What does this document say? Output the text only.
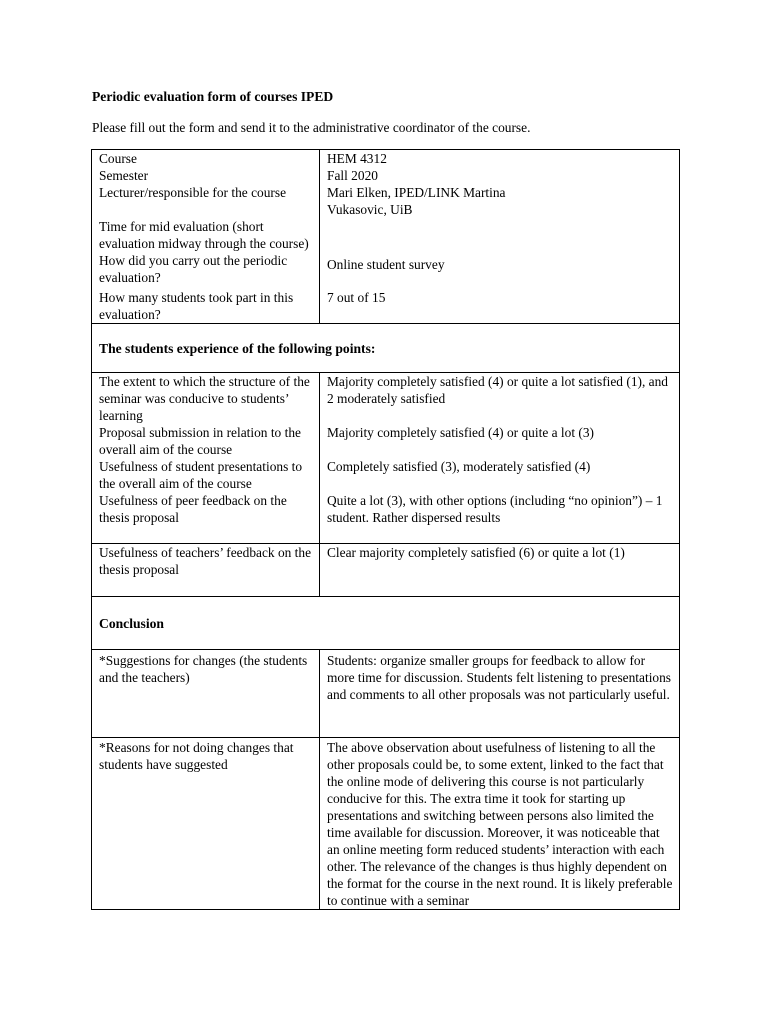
Periodic evaluation form of courses IPED

Please fill out the form and send it to the administrative coordinator of the course.

Course	HEM 4312
Semester	Fall 2020
Lecturer/responsible for the course	Mari Elken, IPED/LINK Martina Vukasovic, UiB
Time for mid evaluation (short evaluation midway through the course)	
How did you carry out the periodic evaluation?	Online student survey
How many students took part in this evaluation?	7 out of 15
The students experience of the following points:	
The extent to which the structure of the seminar was conducive to students’ learning	Majority completely satisfied (4) or quite a lot satisfied (1), and 2 moderately satisfied
Proposal submission in relation to the overall aim of the course	Majority completely satisfied (4) or quite a lot (3)
Usefulness of student presentations to the overall aim of the course	Completely satisfied (3), moderately satisfied (4)
Usefulness of peer feedback on the thesis proposal	Quite a lot (3), with other options (including “no opinion”) – 1 student. Rather dispersed results
Usefulness of teachers’ feedback on the thesis proposal	Clear majority completely satisfied (6) or quite a lot (1)
Conclusion	
*Suggestions for changes (the students and the teachers)	Students: organize smaller groups for feedback to allow for more time for discussion. Students felt listening to presentations and comments to all other proposals was not particularly useful.
*Reasons for not doing changes that students have suggested	The above observation about usefulness of listening to all the other proposals could be, to some extent, linked to the fact that the online mode of delivering this course is not particularly conducive for this. The extra time it took for starting up presentations and switching between persons also limited the time available for discussion. Moreover, it was noticeable that an online meeting form reduced students’ interaction with each other. The relevance of the changes is thus highly dependent on the format for the course in the next round. It is likely preferable to continue with a seminar
